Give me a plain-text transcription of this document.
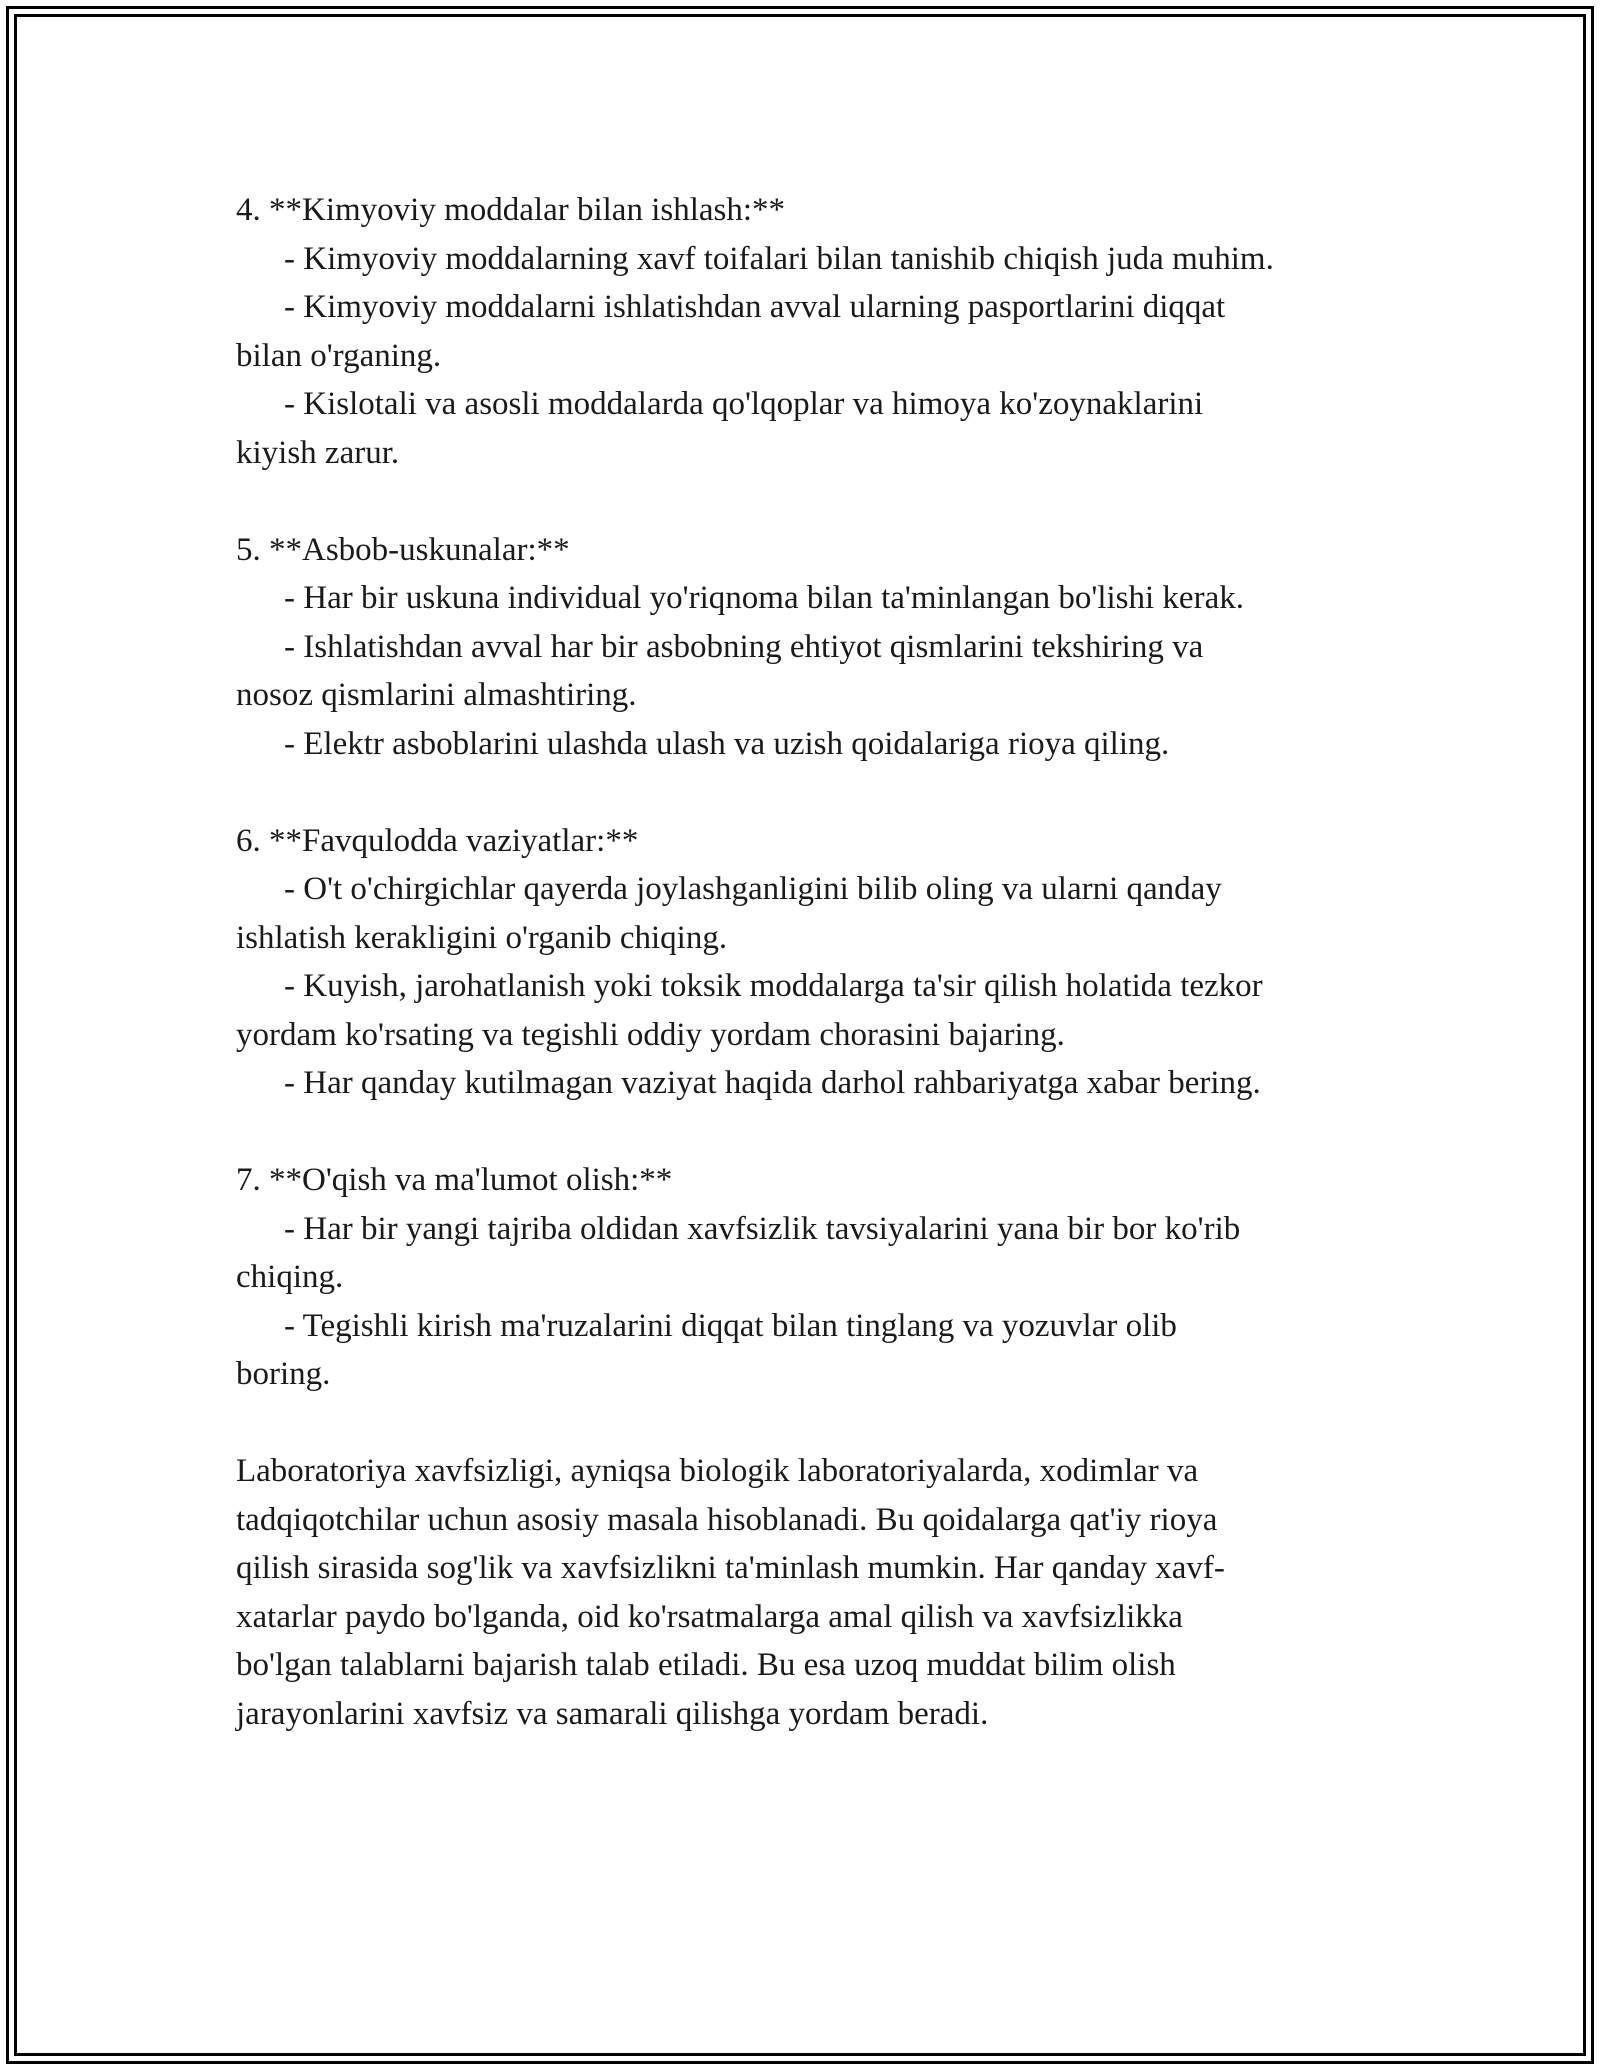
4. **Kimyoviy moddalar bilan ishlash:**

- Kimyoviy moddalarning xavf toifalari bilan tanishib chiqish juda muhim.

- Kimyoviy moddalarni ishlatishdan avval ularning pasportlarini diqqat

bilan o'rganing.

- Kislotali va asosli moddalarda qo'lqoplar va himoya ko'zoynaklarini

kiyish zarur.

5. **Asbob-uskunalar:**

- Har bir uskuna individual yo'riqnoma bilan ta'minlangan bo'lishi kerak.

- Ishlatishdan avval har bir asbobning ehtiyot qismlarini tekshiring va

nosoz qismlarini almashtiring.

- Elektr asboblarini ulashda ulash va uzish qoidalariga rioya qiling.

6. **Favqulodda vaziyatlar:**

- O't o'chirgichlar qayerda joylashganligini bilib oling va ularni qanday

ishlatish kerakligini o'rganib chiqing.

- Kuyish, jarohatlanish yoki toksik moddalarga ta'sir qilish holatida tezkor

yordam ko'rsating va tegishli oddiy yordam chorasini bajaring.

- Har qanday kutilmagan vaziyat haqida darhol rahbariyatga xabar bering.

7. **O'qish va ma'lumot olish:**

- Har bir yangi tajriba oldidan xavfsizlik tavsiyalarini yana bir bor ko'rib

chiqing.

- Tegishli kirish ma'ruzalarini diqqat bilan tinglang va yozuvlar olib

boring.

Laboratoriya xavfsizligi, ayniqsa biologik laboratoriyalarda, xodimlar va

tadqiqotchilar uchun asosiy masala hisoblanadi. Bu qoidalarga qat'iy rioya

qilish sirasida sog'lik va xavfsizlikni ta'minlash mumkin. Har qanday xavf-

xatarlar paydo bo'lganda, oid ko'rsatmalarga amal qilish va xavfsizlikka

bo'lgan talablarni bajarish talab etiladi. Bu esa uzoq muddat bilim olish

jarayonlarini xavfsiz va samarali qilishga yordam beradi.
